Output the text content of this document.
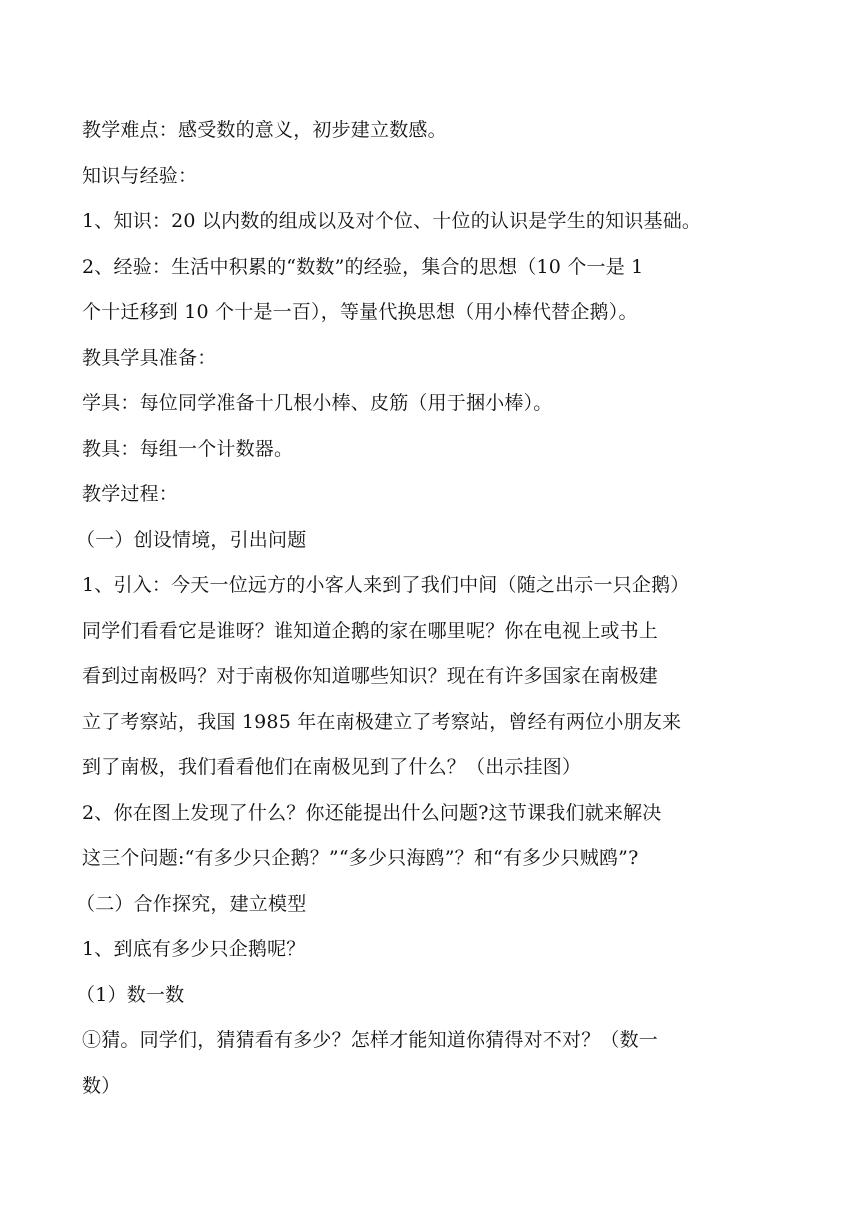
教学难点：感受数的意义，初步建立数感。
知识与经验：
1、知识：20 以内数的组成以及对个位、十位的认识是学生的知识基础。
2、经验：生活中积累的“数数”的经验，集合的思想（10 个一是 1
个十迁移到 10 个十是一百），等量代换思想（用小棒代替企鹅）。
教具学具准备：
学具：每位同学准备十几根小棒、皮筋（用于捆小棒）。
教具：每组一个计数器。
教学过程：
（一）创设情境，引出问题
1、引入：今天一位远方的小客人来到了我们中间（随之出示一只企鹅）
同学们看看它是谁呀？谁知道企鹅的家在哪里呢？你在电视上或书上
看到过南极吗？对于南极你知道哪些知识？现在有许多国家在南极建
立了考察站，我国 1985 年在南极建立了考察站，曾经有两位小朋友来
到了南极，我们看看他们在南极见到了什么？（出示挂图）
2、你在图上发现了什么？你还能提出什么问题?这节课我们就来解决
这三个问题:“有多少只企鹅？”“多少只海鸥”？和“有多少只贼鸥”?
（二）合作探究，建立模型
1、到底有多少只企鹅呢？
（1）数一数
①猜。同学们，猜猜看有多少？怎样才能知道你猜得对不对？（数一
数）
